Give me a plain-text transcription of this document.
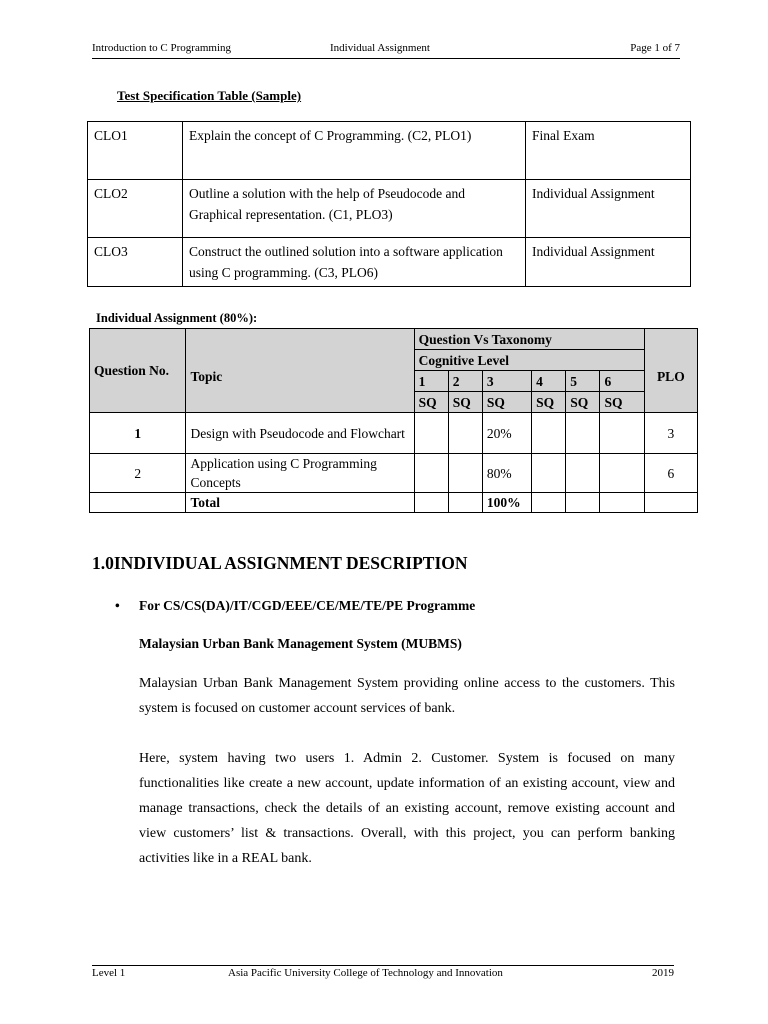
Introduction to C Programming	Individual Assignment	Page 1 of 7
Test Specification Table (Sample)
CLO1	Explain the concept of C Programming. (C2, PLO1)	Final Exam
CLO2	Outline a solution with the help of Pseudocode and Graphical representation. (C1, PLO3)	Individual Assignment
CLO3	Construct the outlined solution into a software application using C programming. (C3, PLO6)	Individual Assignment
Individual Assignment (80%):
Question No.	Topic	Question Vs Taxonomy						PLO
		Cognitive Level						
		1	2	3	4	5	6	
		SQ	SQ	SQ	SQ	SQ	SQ	
1	Design with Pseudocode and Flowchart			20%				3
2	Application using C Programming Concepts			80%				6
	Total			100%				
1.0INDIVIDUAL ASSIGNMENT DESCRIPTION
• For CS/CS(DA)/IT/CGD/EEE/CE/ME/TE/PE Programme
Malaysian Urban Bank Management System (MUBMS)
Malaysian Urban Bank Management System providing online access to the customers. This system is focused on customer account services of bank.
Here, system having two users 1. Admin 2. Customer. System is focused on many functionalities like create a new account, update information of an existing account, view and manage transactions, check the details of an existing account, remove existing account and view customers’ list & transactions. Overall, with this project, you can perform banking activities like in a REAL bank.
Level 1	Asia Pacific University College of Technology and Innovation	2019
